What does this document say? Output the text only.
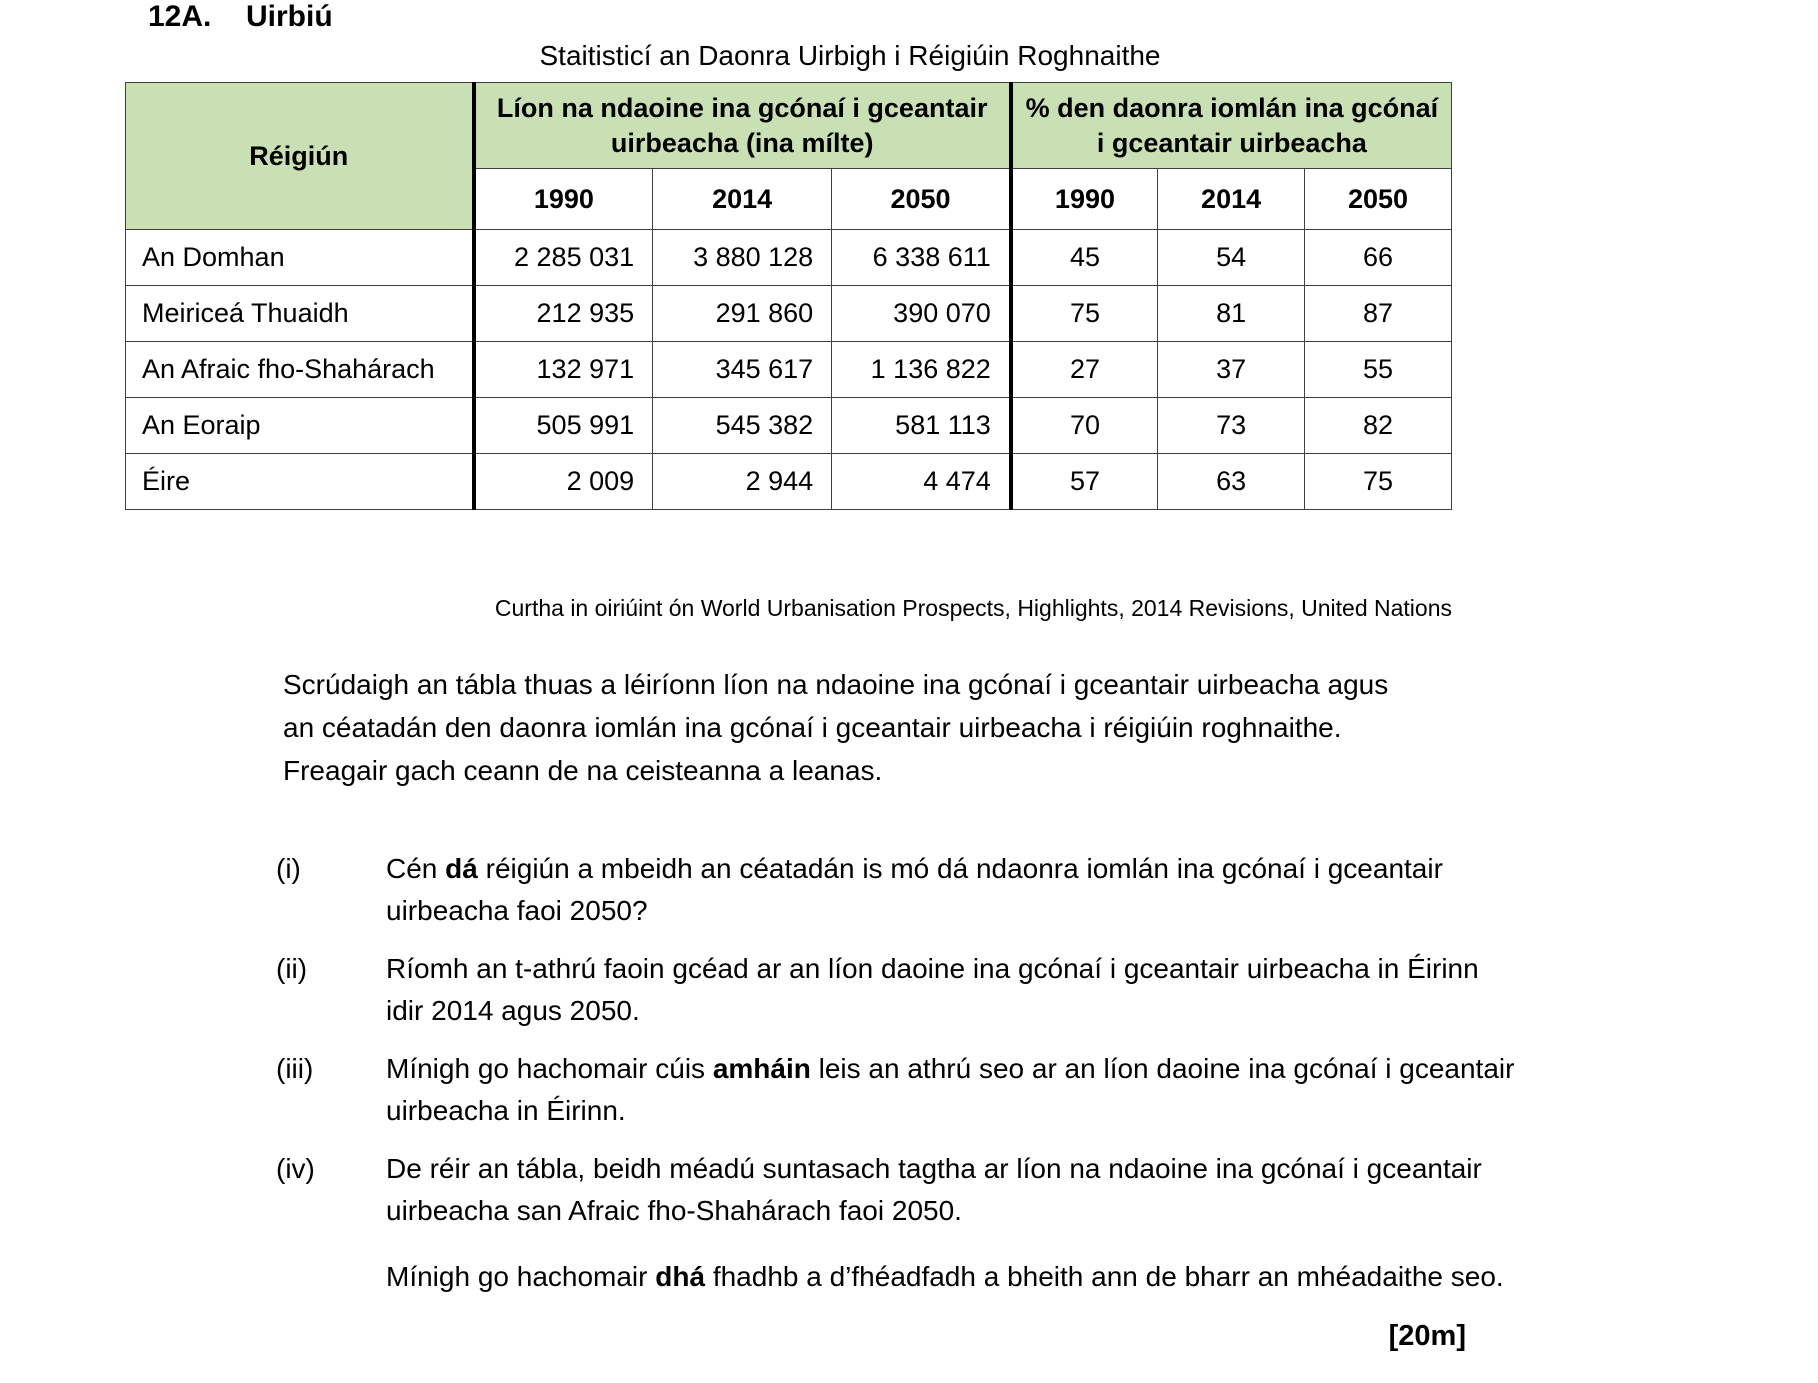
12A.	Uirbiú
Staitisticí an Daonra Uirbigh i Réigiúin Roghnaithe
Réigiún	Líon na ndaoine ina gcónaí i gceantair uirbeacha (ina mílte)			% den daonra iomlán ina gcónaí i gceantair uirbeacha		
	1990	2014	2050	1990	2014	2050
An Domhan	2 285 031	3 880 128	6 338 611	45	54	66
Meiriceá Thuaidh	212 935	291 860	390 070	75	81	87
An Afraic fho-Shahárach	132 971	345 617	1 136 822	27	37	55
An Eoraip	505 991	545 382	581 113	70	73	82
Éire	2 009	2 944	4 474	57	63	75
Curtha in oiriúint ón World Urbanisation Prospects, Highlights, 2014 Revisions, United Nations
Scrúdaigh an tábla thuas a léiríonn líon na ndaoine ina gcónaí i gceantair uirbeacha agus
an céatadán den daonra iomlán ina gcónaí i gceantair uirbeacha i réigiúin roghnaithe.
Freagair gach ceann de na ceisteanna a leanas.
(i)	Cén dá réigiún a mbeidh an céatadán is mó dá ndaonra iomlán ina gcónaí i gceantair uirbeacha faoi 2050?

(ii)	Ríomh an t-athrú faoin gcéad ar an líon daoine ina gcónaí i gceantair uirbeacha in Éirinn idir 2014 agus 2050.

(iii)	Mínigh go hachomair cúis amháin leis an athrú seo ar an líon daoine ina gcónaí i gceantair uirbeacha in Éirinn.

(iv)	De réir an tábla, beidh méadú suntasach tagtha ar líon na ndaoine ina gcónaí i gceantair uirbeacha san Afraic fho-Shahárach faoi 2050.

Mínigh go hachomair dhá fhadhb a d’fhéadfadh a bheith ann de bharr an mhéadaithe seo.

[20m]
